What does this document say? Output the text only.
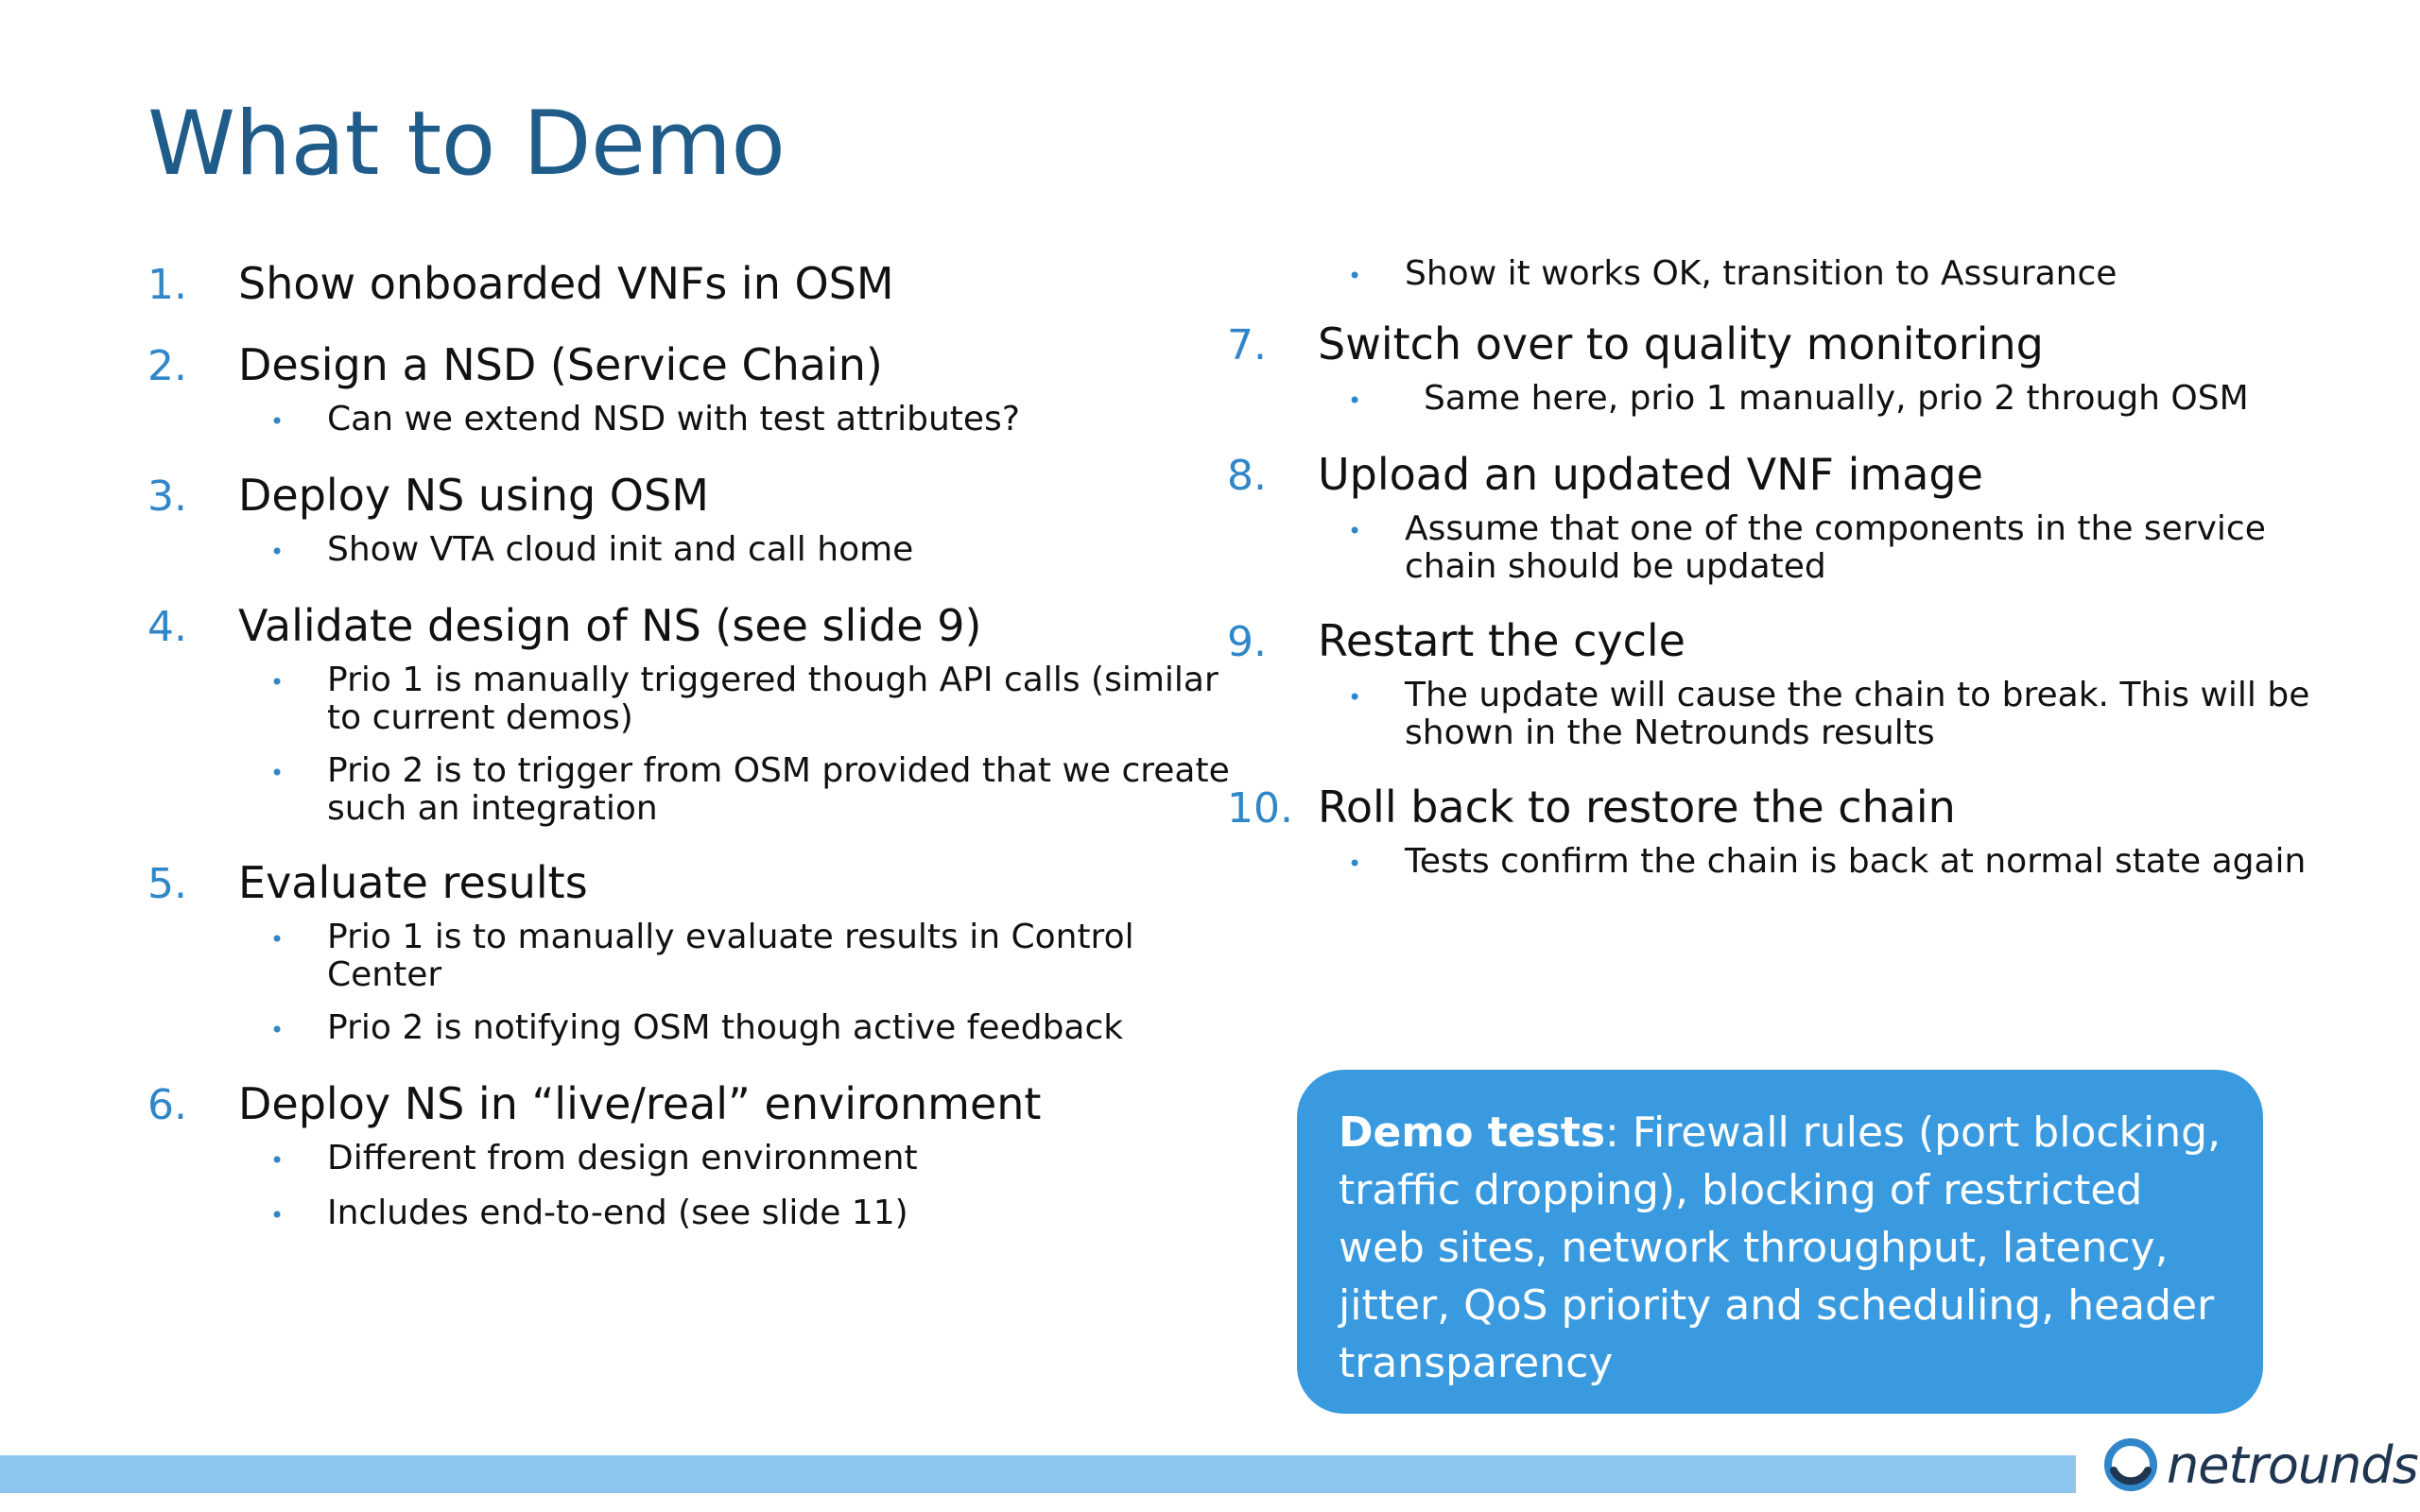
What to Demo
1.	Show onboarded VNFs in OSM
2.	Design a NSD (Service Chain)
•	Can we extend NSD with test attributes?
3.	Deploy NS using OSM
•	Show VTA cloud init and call home
4.	Validate design of NS (see slide 9)
•	Prio 1 is manually triggered though API calls (similar to current demos)
•	Prio 2 is to trigger from OSM provided that we create such an integration
5.	Evaluate results
•	Prio 1 is to manually evaluate results in Control Center
•	Prio 2 is notifying OSM though active feedback
6.	Deploy NS in “live/real” environment
•	Different from design environment
•	Includes end-to-end (see slide 11)
•	Show it works OK, transition to Assurance
7.	Switch over to quality monitoring
•	Same here, prio 1 manually, prio 2 through OSM
8.	Upload an updated VNF image
•	Assume that one of the components in the service chain should be updated
9.	Restart the cycle
•	The update will cause the chain to break. This will be shown in the Netrounds results
10. Roll back to restore the chain
•	Tests confirm the chain is back at normal state again
Demo tests: Firewall rules (port blocking, traffic dropping), blocking of restricted web sites, network throughput, latency, jitter, QoS priority and scheduling, header transparency
netrounds
